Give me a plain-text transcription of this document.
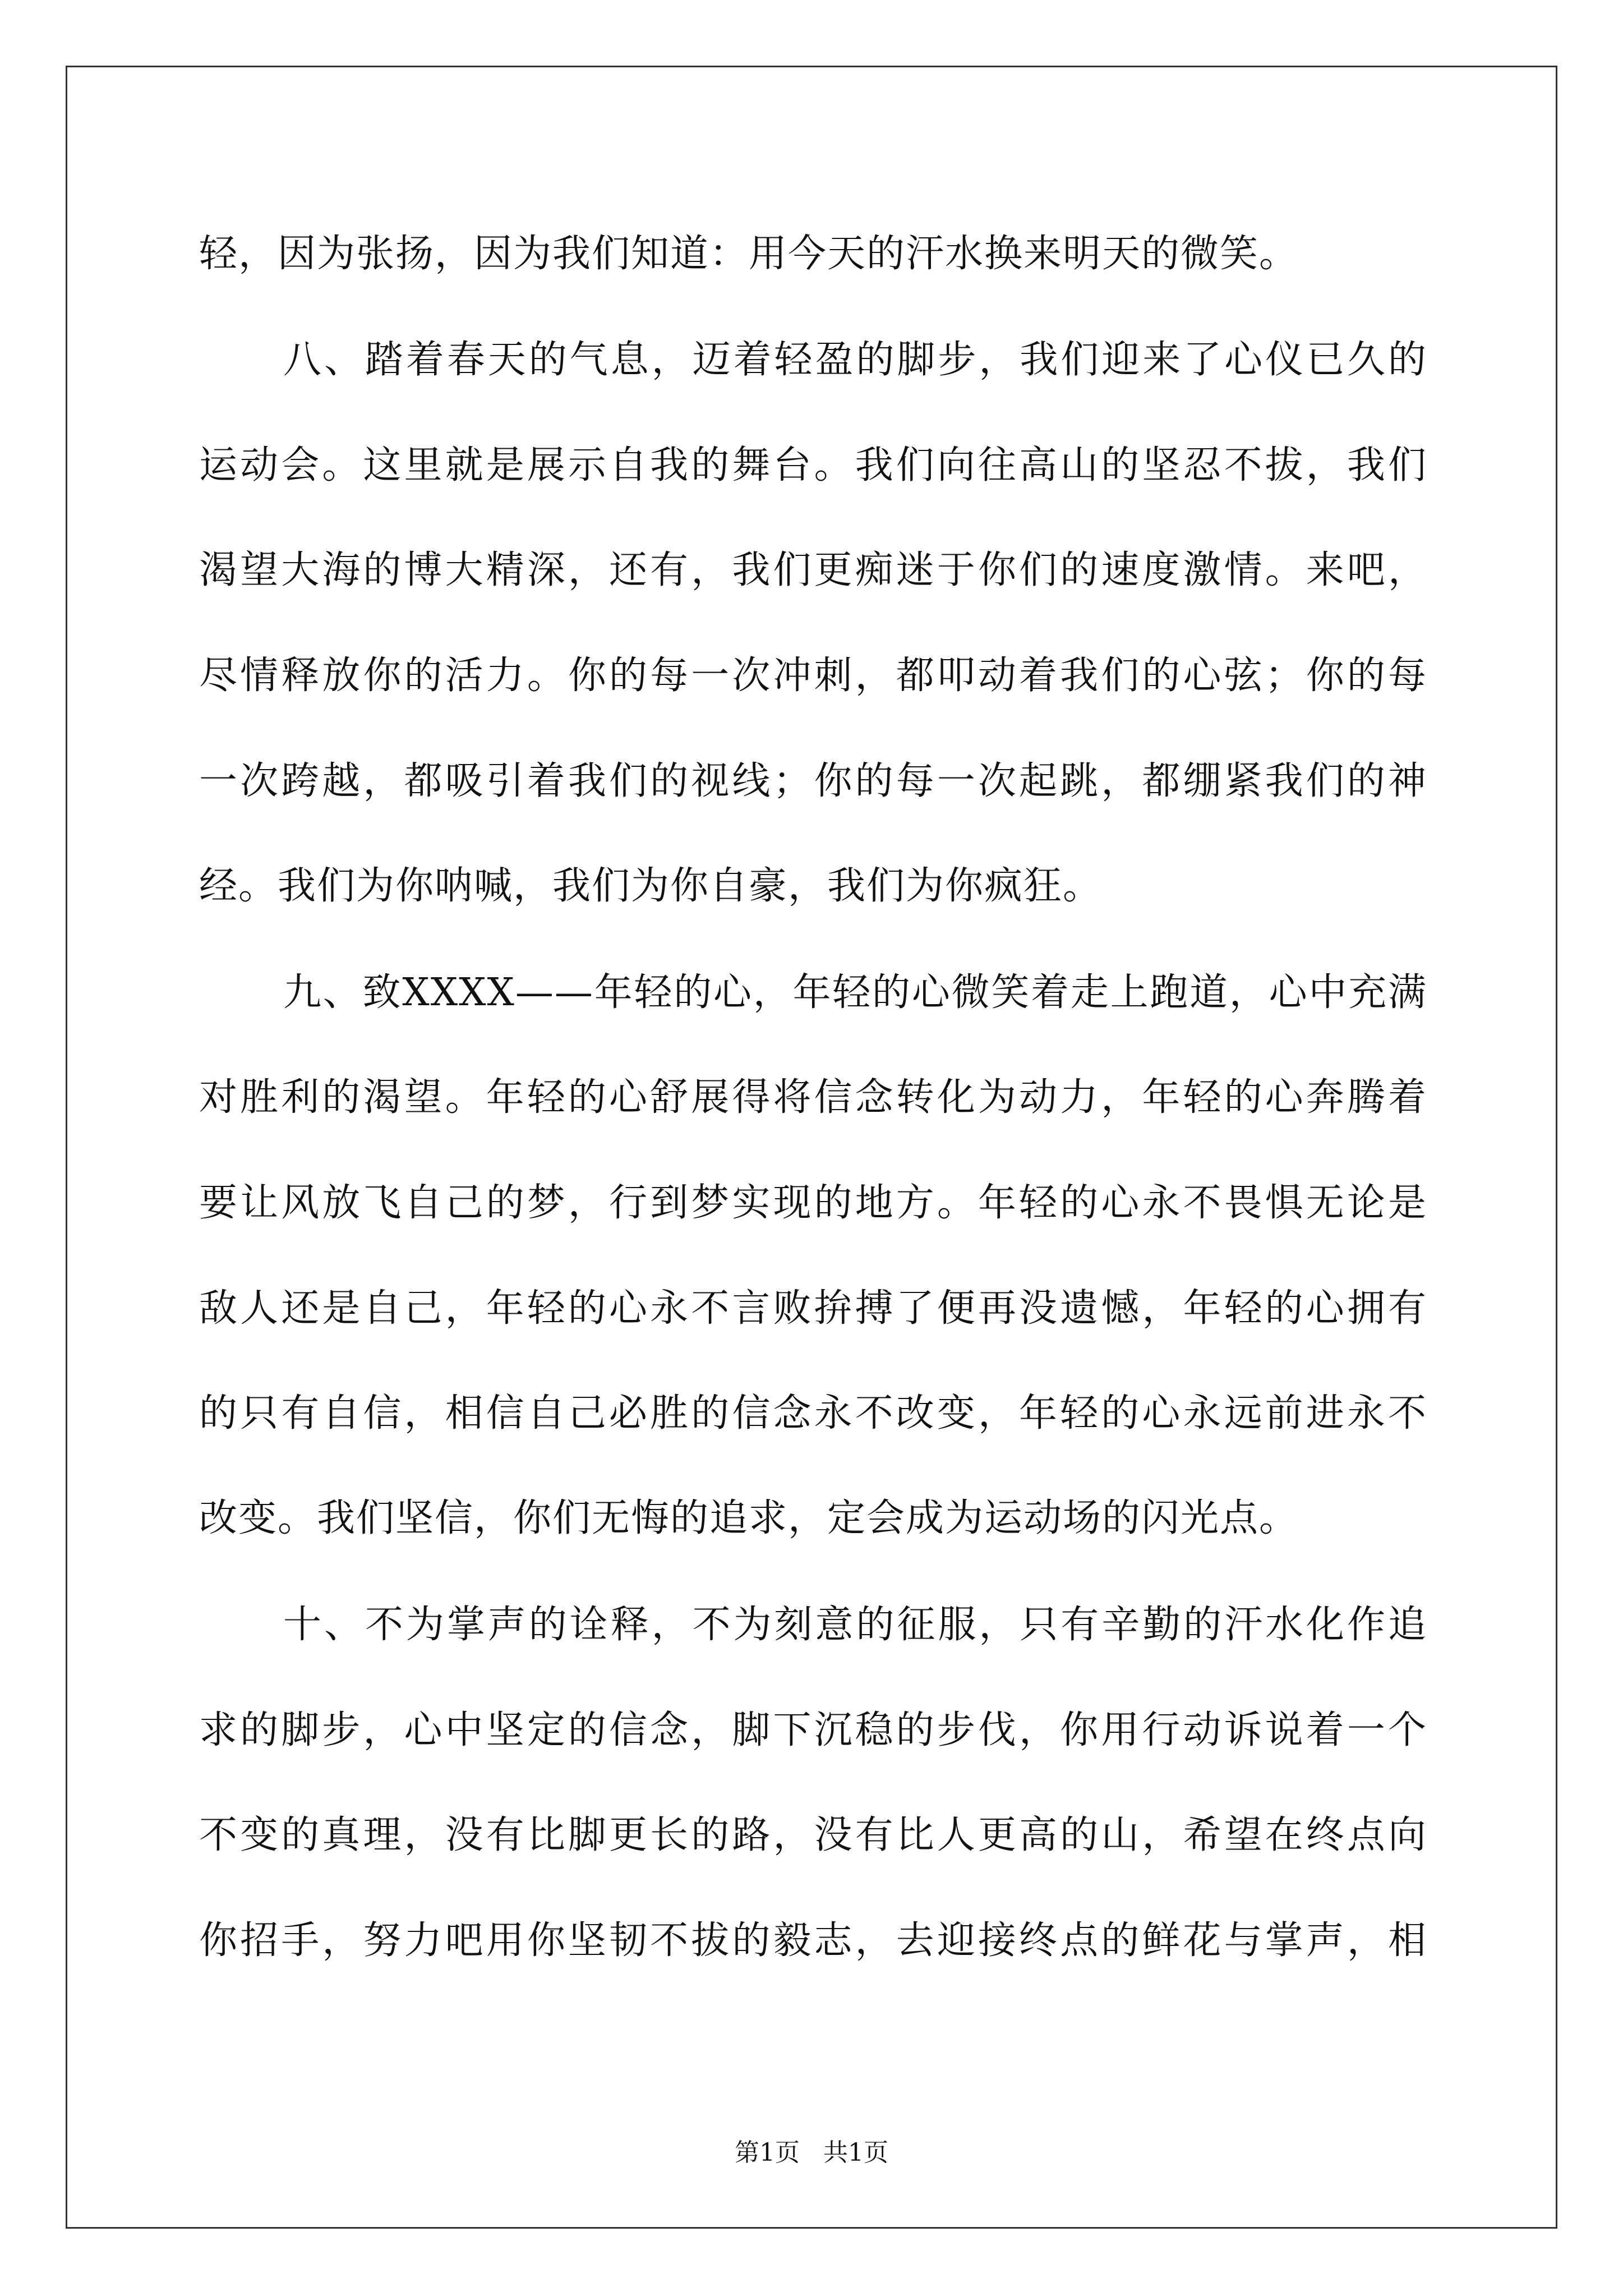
轻，因为张扬，因为我们知道：用今天的汗水换来明天的微笑。
八、踏着春天的气息，迈着轻盈的脚步，我们迎来了心仪已久的
运动会。这里就是展示自我的舞台。我们向往高山的坚忍不拔，我们
渴望大海的博大精深，还有，我们更痴迷于你们的速度激情。来吧，
尽情释放你的活力。你的每一次冲刺，都叩动着我们的心弦；你的每
一次跨越，都吸引着我们的视线；你的每一次起跳，都绷紧我们的神
经。我们为你呐喊，我们为你自豪，我们为你疯狂。
九、致XXXX——年轻的心，年轻的心微笑着走上跑道，心中充满
对胜利的渴望。年轻的心舒展得将信念转化为动力，年轻的心奔腾着
要让风放飞自己的梦，行到梦实现的地方。年轻的心永不畏惧无论是
敌人还是自己，年轻的心永不言败拚搏了便再没遗憾，年轻的心拥有
的只有自信，相信自己必胜的信念永不改变，年轻的心永远前进永不
改变。我们坚信，你们无悔的追求，定会成为运动场的闪光点。
十、不为掌声的诠释，不为刻意的征服，只有辛勤的汗水化作追
求的脚步，心中坚定的信念，脚下沉稳的步伐，你用行动诉说着一个
不变的真理，没有比脚更长的路，没有比人更高的山，希望在终点向
你招手，努力吧用你坚韧不拔的毅志，去迎接终点的鲜花与掌声，相
第1页   共1页
